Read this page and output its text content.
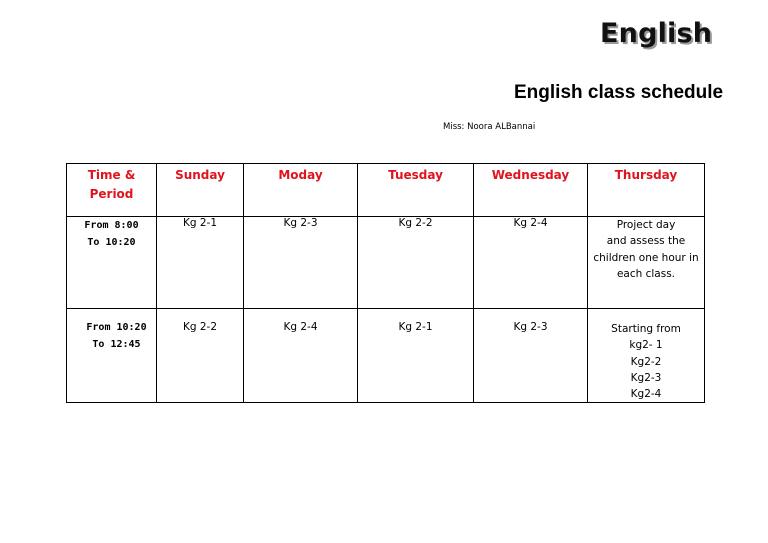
English
English class schedule
Miss: Noora ALBannai
Time &
Period	Sunday	Moday	Tuesday	Wednesday	Thursday

From 8:00
To 10:20	Kg 2-1	Kg 2-3	Kg 2-2	Kg 2-4	Project day
and assess the
children one hour in
each class.

From 10:20
To 12:45	Kg 2-2	Kg 2-4	Kg 2-1	Kg 2-3	Starting from
kg2- 1
Kg2-2
Kg2-3
Kg2-4
